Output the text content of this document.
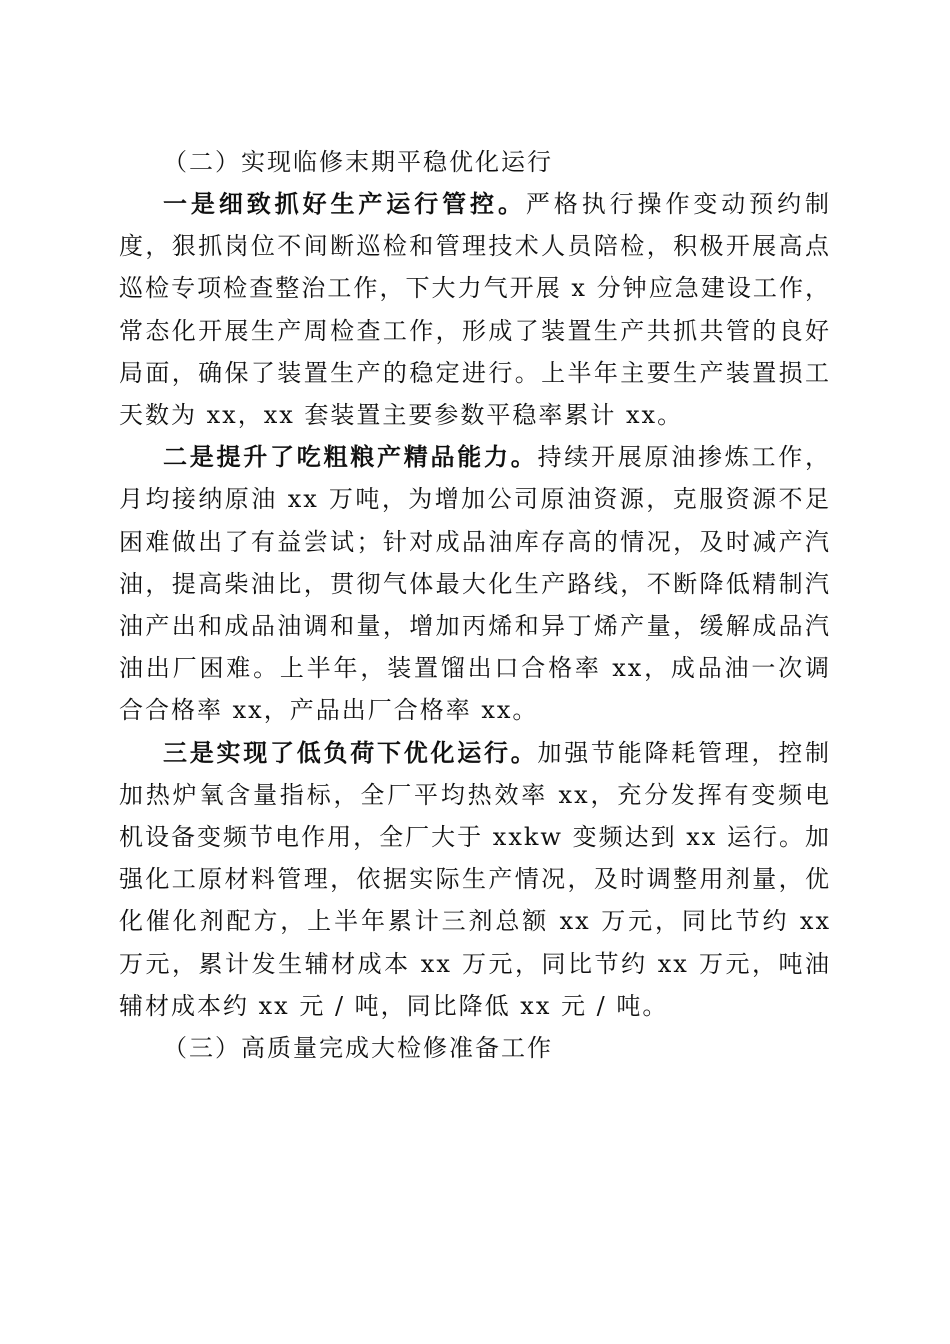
（二）实现临修末期平稳优化运行

一是细致抓好生产运行管控。严格执行操作变动预约制度，狠抓岗位不间断巡检和管理技术人员陪检，积极开展高点巡检专项检查整治工作，下大力气开展 x 分钟应急建设工作，常态化开展生产周检查工作，形成了装置生产共抓共管的良好局面，确保了装置生产的稳定进行。上半年主要生产装置损工天数为 xx，xx 套装置主要参数平稳率累计 xx。

二是提升了吃粗粮产精品能力。持续开展原油掺炼工作，月均接纳原油 xx 万吨，为增加公司原油资源，克服资源不足困难做出了有益尝试；针对成品油库存高的情况，及时减产汽油，提高柴油比，贯彻气体最大化生产路线，不断降低精制汽油产出和成品油调和量，增加丙烯和异丁烯产量，缓解成品汽油出厂困难。上半年，装置馏出口合格率 xx，成品油一次调合合格率 xx，产品出厂合格率 xx。

三是实现了低负荷下优化运行。加强节能降耗管理，控制加热炉氧含量指标，全厂平均热效率 xx，充分发挥有变频电机设备变频节电作用，全厂大于 xxkw 变频达到 xx 运行。加强化工原材料管理，依据实际生产情况，及时调整用剂量，优化催化剂配方，上半年累计三剂总额 xx 万元，同比节约 xx 万元，累计发生辅材成本 xx 万元，同比节约 xx 万元，吨油辅材成本约 xx 元 / 吨，同比降低 xx 元 / 吨。

（三）高质量完成大检修准备工作
